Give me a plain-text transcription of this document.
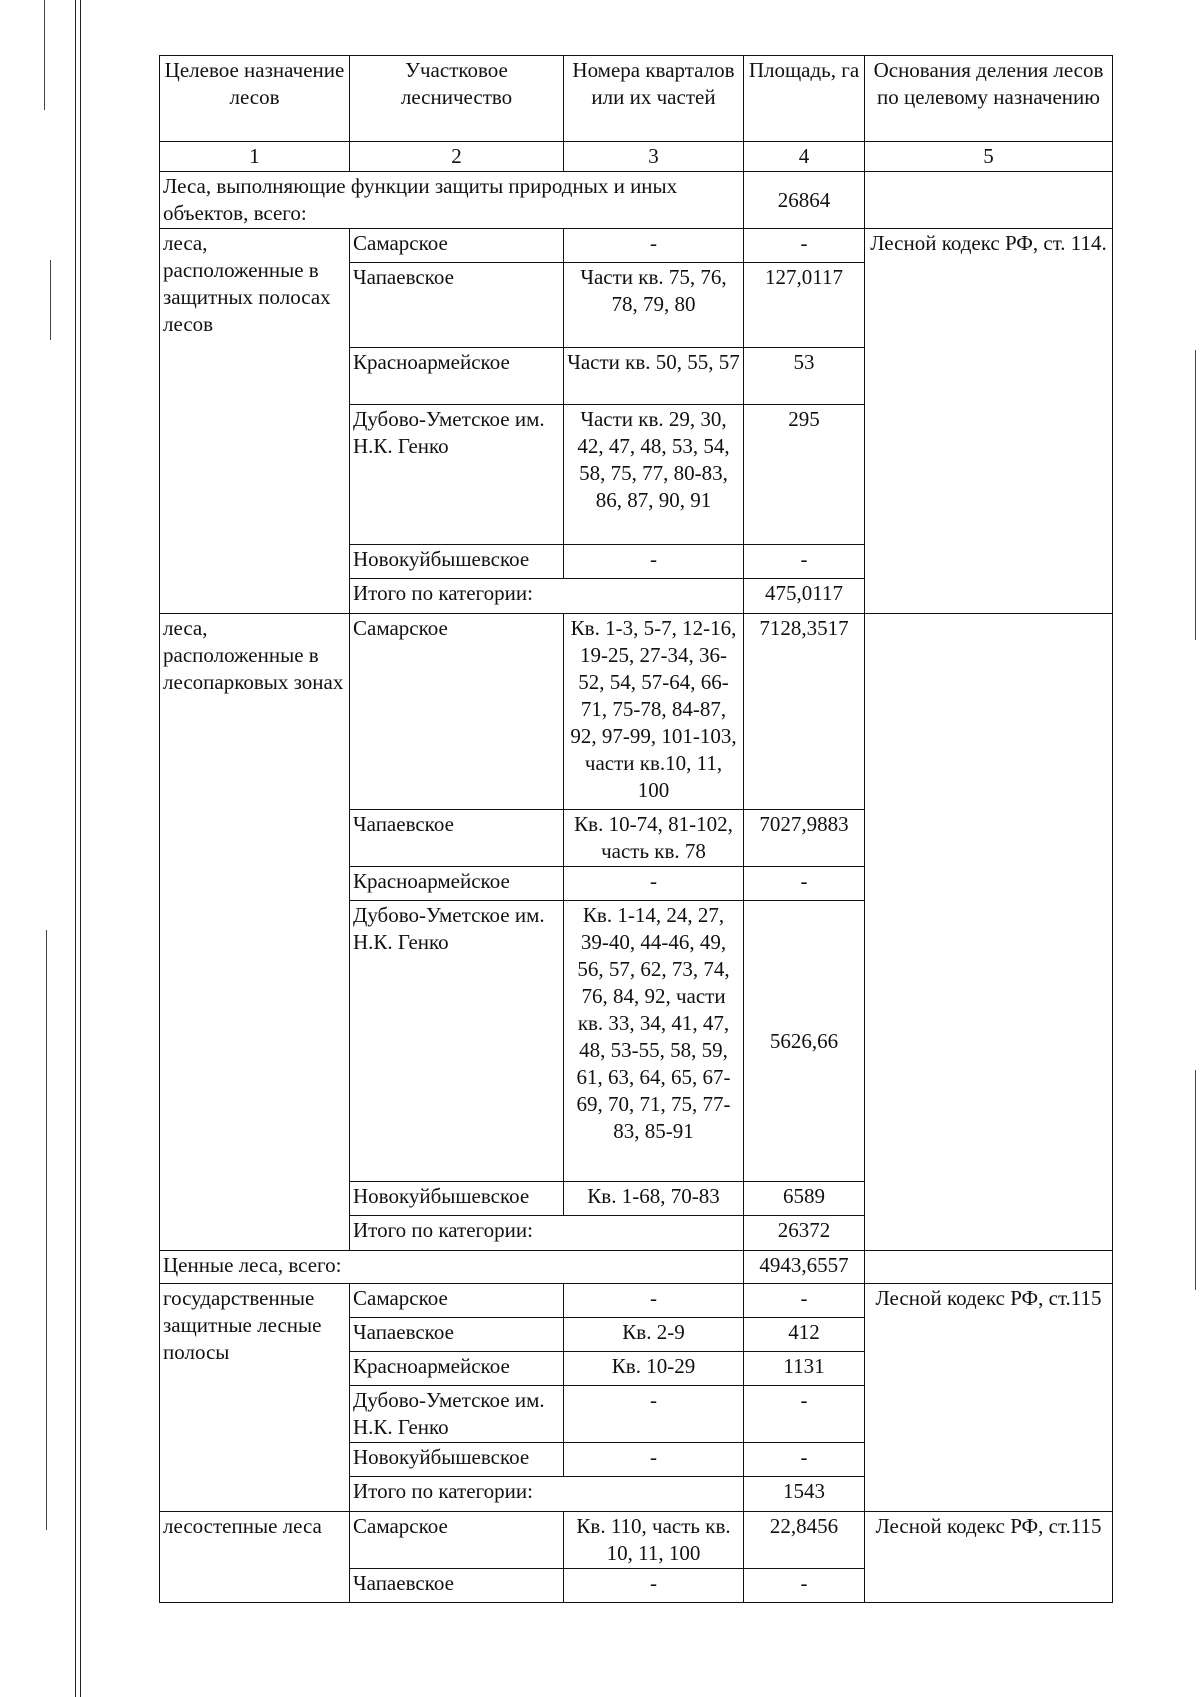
Целевое назначение лесов	Участковое лесничество	Номера кварталов или их частей	Площадь, га	Основания деления лесов по целевому назначению
1	2	3	4	5
Леса, выполняющие функции защиты природных и иных объектов, всего:			26864	
леса, расположенные в защитных полосах лесов	Самарское	-	-	Лесной кодекс РФ, ст. 114.
	Чапаевское	Части кв. 75, 76, 78, 79, 80	127,0117	
	Красноармейское	Части кв. 50, 55, 57	53	
	Дубово-Уметское им. Н.К. Генко	Части кв. 29, 30, 42, 47, 48, 53, 54, 58, 75, 77, 80-83, 86, 87, 90, 91	295	
	Новокуйбышевское	-	-	
	Итого по категории:		475,0117	
леса, расположенные в лесопарковых зонах	Самарское	Кв. 1-3, 5-7, 12-16, 19-25, 27-34, 36-52, 54, 57-64, 66-71, 75-78, 84-87, 92, 97-99, 101-103, части кв.10, 11, 100	7128,3517	
	Чапаевское	Кв. 10-74, 81-102, часть кв. 78	7027,9883	
	Красноармейское	-	-	
	Дубово-Уметское им. Н.К. Генко	Кв. 1-14, 24, 27, 39-40, 44-46, 49, 56, 57, 62, 73, 74, 76, 84, 92, части кв. 33, 34, 41, 47, 48, 53-55, 58, 59, 61, 63, 64, 65, 67-69, 70, 71, 75, 77-83, 85-91	5626,66	
	Новокуйбышевское	Кв. 1-68, 70-83	6589	
	Итого по категории:		26372	
Ценные леса, всего:			4943,6557	
государственные защитные лесные полосы	Самарское	-	-	Лесной кодекс РФ, ст.115
	Чапаевское	Кв. 2-9	412	
	Красноармейское	Кв. 10-29	1131	
	Дубово-Уметское им. Н.К. Генко	-	-	
	Новокуйбышевское	-	-	
	Итого по категории:		1543	
лесостепные леса	Самарское	Кв. 110, часть кв. 10, 11, 100	22,8456	Лесной кодекс РФ, ст.115
	Чапаевское	-	-	
